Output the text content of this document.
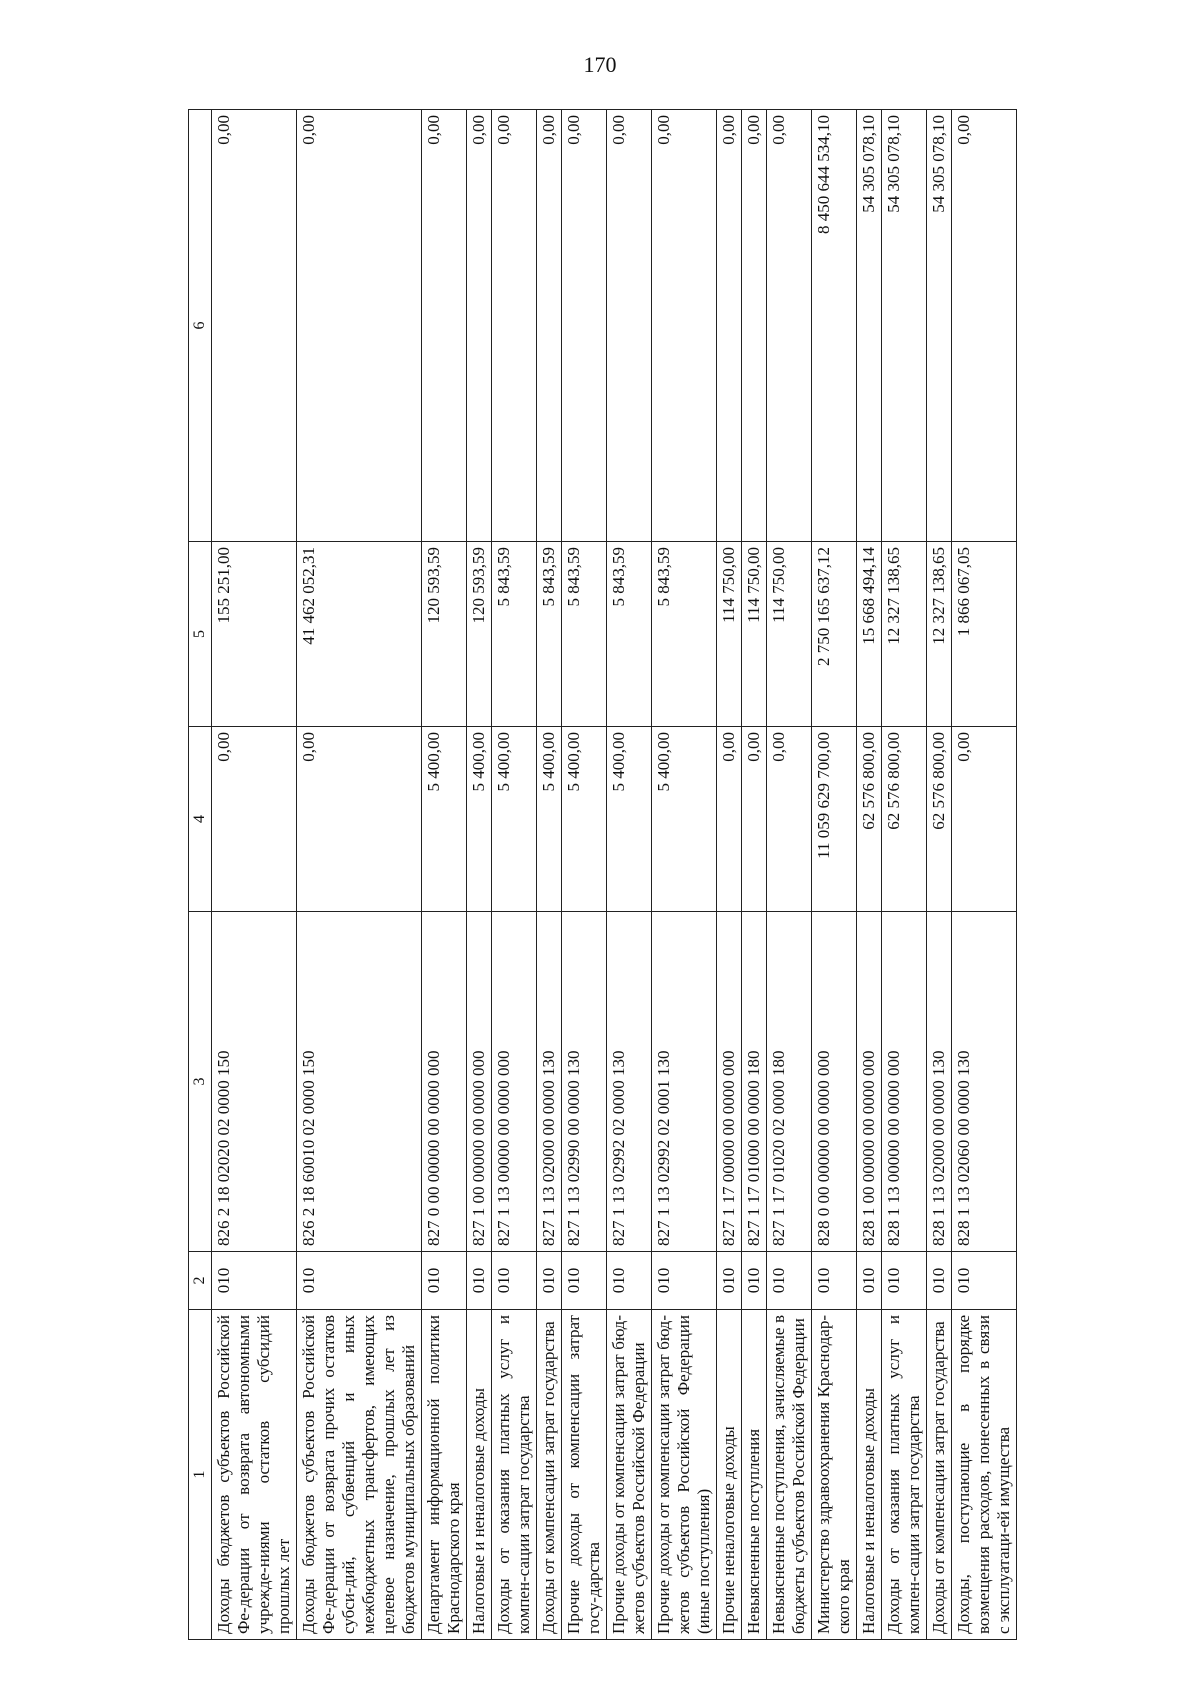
170
1	2	3	4	5	6
Доходы бюджетов субъектов Российской Фе-дерации от возврата автономными учрежде-ниями остатков субсидий прошлых лет	010	826 2 18 02020 02 0000 150	0,00	155 251,00	0,00
Доходы бюджетов субъектов Российской Фе-дерации от возврата прочих остатков субси-дий, субвенций и иных межбюджетных трансфертов, имеющих целевое назначение, прошлых лет из бюджетов муниципальных образований	010	826 2 18 60010 02 0000 150	0,00	41 462 052,31	0,00
Департамент информационной политики Краснодарского края	010	827 0 00 00000 00 0000 000	5 400,00	120 593,59	0,00
Налоговые и неналоговые доходы	010	827 1 00 00000 00 0000 000	5 400,00	120 593,59	0,00
Доходы от оказания платных услуг и компен-сации затрат государства	010	827 1 13 00000 00 0000 000	5 400,00	5 843,59	0,00
Доходы от компенсации затрат государства	010	827 1 13 02000 00 0000 130	5 400,00	5 843,59	0,00
Прочие доходы от компенсации затрат госу-дарства	010	827 1 13 02990 00 0000 130	5 400,00	5 843,59	0,00
Прочие доходы от компенсации затрат бюд-жетов субъектов Российской Федерации	010	827 1 13 02992 02 0000 130	5 400,00	5 843,59	0,00
Прочие доходы от компенсации затрат бюд-жетов субъектов Российской Федерации (иные поступления)	010	827 1 13 02992 02 0001 130	5 400,00	5 843,59	0,00
Прочие неналоговые доходы	010	827 1 17 00000 00 0000 000	0,00	114 750,00	0,00
Невыясненные поступления	010	827 1 17 01000 00 0000 180	0,00	114 750,00	0,00
Невыясненные поступления, зачисляемые в бюджеты субъектов Российской Федерации	010	827 1 17 01020 02 0000 180	0,00	114 750,00	0,00
Министерство здравоохранения Краснодар-ского края	010	828 0 00 00000 00 0000 000	11 059 629 700,00	2 750 165 637,12	8 450 644 534,10
Налоговые и неналоговые доходы	010	828 1 00 00000 00 0000 000	62 576 800,00	15 668 494,14	54 305 078,10
Доходы от оказания платных услуг и компен-сации затрат государства	010	828 1 13 00000 00 0000 000	62 576 800,00	12 327 138,65	54 305 078,10
Доходы от компенсации затрат государства	010	828 1 13 02000 00 0000 130	62 576 800,00	12 327 138,65	54 305 078,10
Доходы, поступающие в порядке возмещения расходов, понесенных в связи с эксплуатаци-ей имущества	010	828 1 13 02060 00 0000 130	0,00	1 866 067,05	0,00
